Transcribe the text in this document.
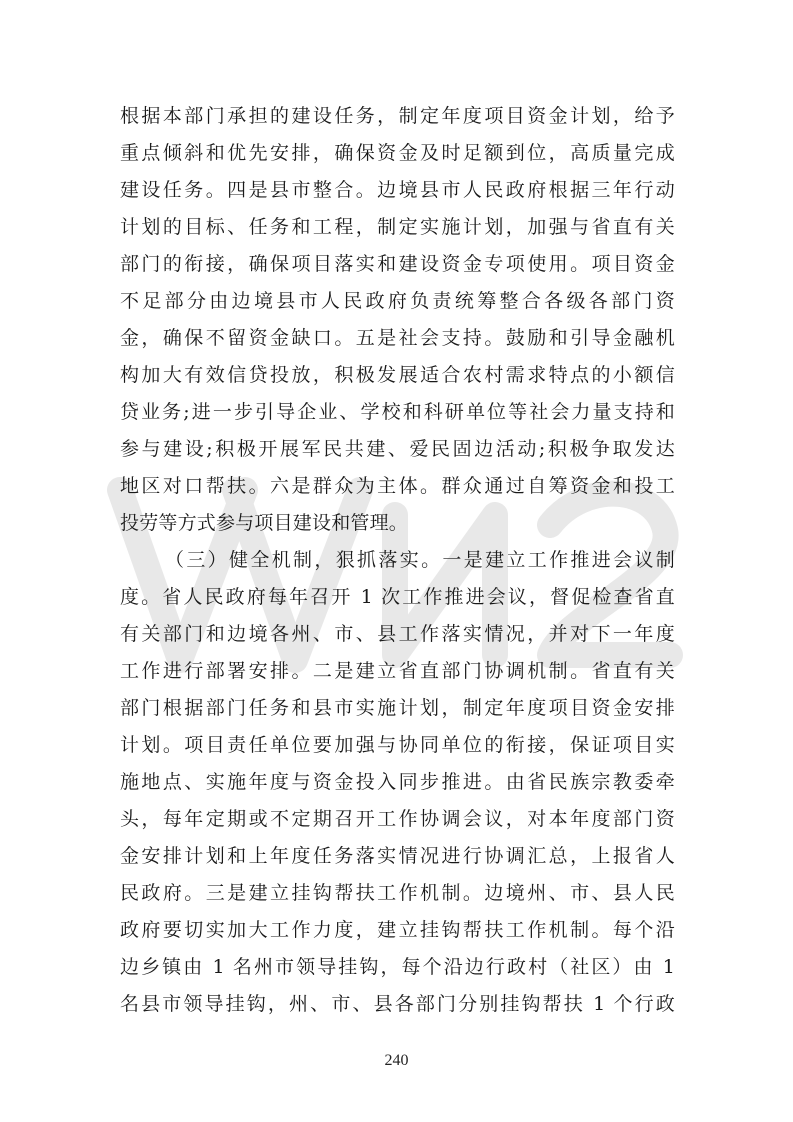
根据本部门承担的建设任务，制定年度项目资金计划，给予
重点倾斜和优先安排，确保资金及时足额到位，高质量完成
建设任务。四是县市整合。边境县市人民政府根据三年行动
计划的目标、任务和工程，制定实施计划，加强与省直有关
部门的衔接，确保项目落实和建设资金专项使用。项目资金
不足部分由边境县市人民政府负责统筹整合各级各部门资
金，确保不留资金缺口。五是社会支持。鼓励和引导金融机
构加大有效信贷投放，积极发展适合农村需求特点的小额信
贷业务;进一步引导企业、学校和科研单位等社会力量支持和
参与建设;积极开展军民共建、爱民固边活动;积极争取发达
地区对口帮扶。六是群众为主体。群众通过自筹资金和投工
投劳等方式参与项目建设和管理。
（三）健全机制，狠抓落实。一是建立工作推进会议制
度。省人民政府每年召开 1 次工作推进会议，督促检查省直
有关部门和边境各州、市、县工作落实情况，并对下一年度
工作进行部署安排。二是建立省直部门协调机制。省直有关
部门根据部门任务和县市实施计划，制定年度项目资金安排
计划。项目责任单位要加强与协同单位的衔接，保证项目实
施地点、实施年度与资金投入同步推进。由省民族宗教委牵
头，每年定期或不定期召开工作协调会议，对本年度部门资
金安排计划和上年度任务落实情况进行协调汇总，上报省人
民政府。三是建立挂钩帮扶工作机制。边境州、市、县人民
政府要切实加大工作力度，建立挂钩帮扶工作机制。每个沿
边乡镇由 1 名州市领导挂钩，每个沿边行政村（社区）由 1
名县市领导挂钩，州、市、县各部门分别挂钩帮扶 1 个行政
240
